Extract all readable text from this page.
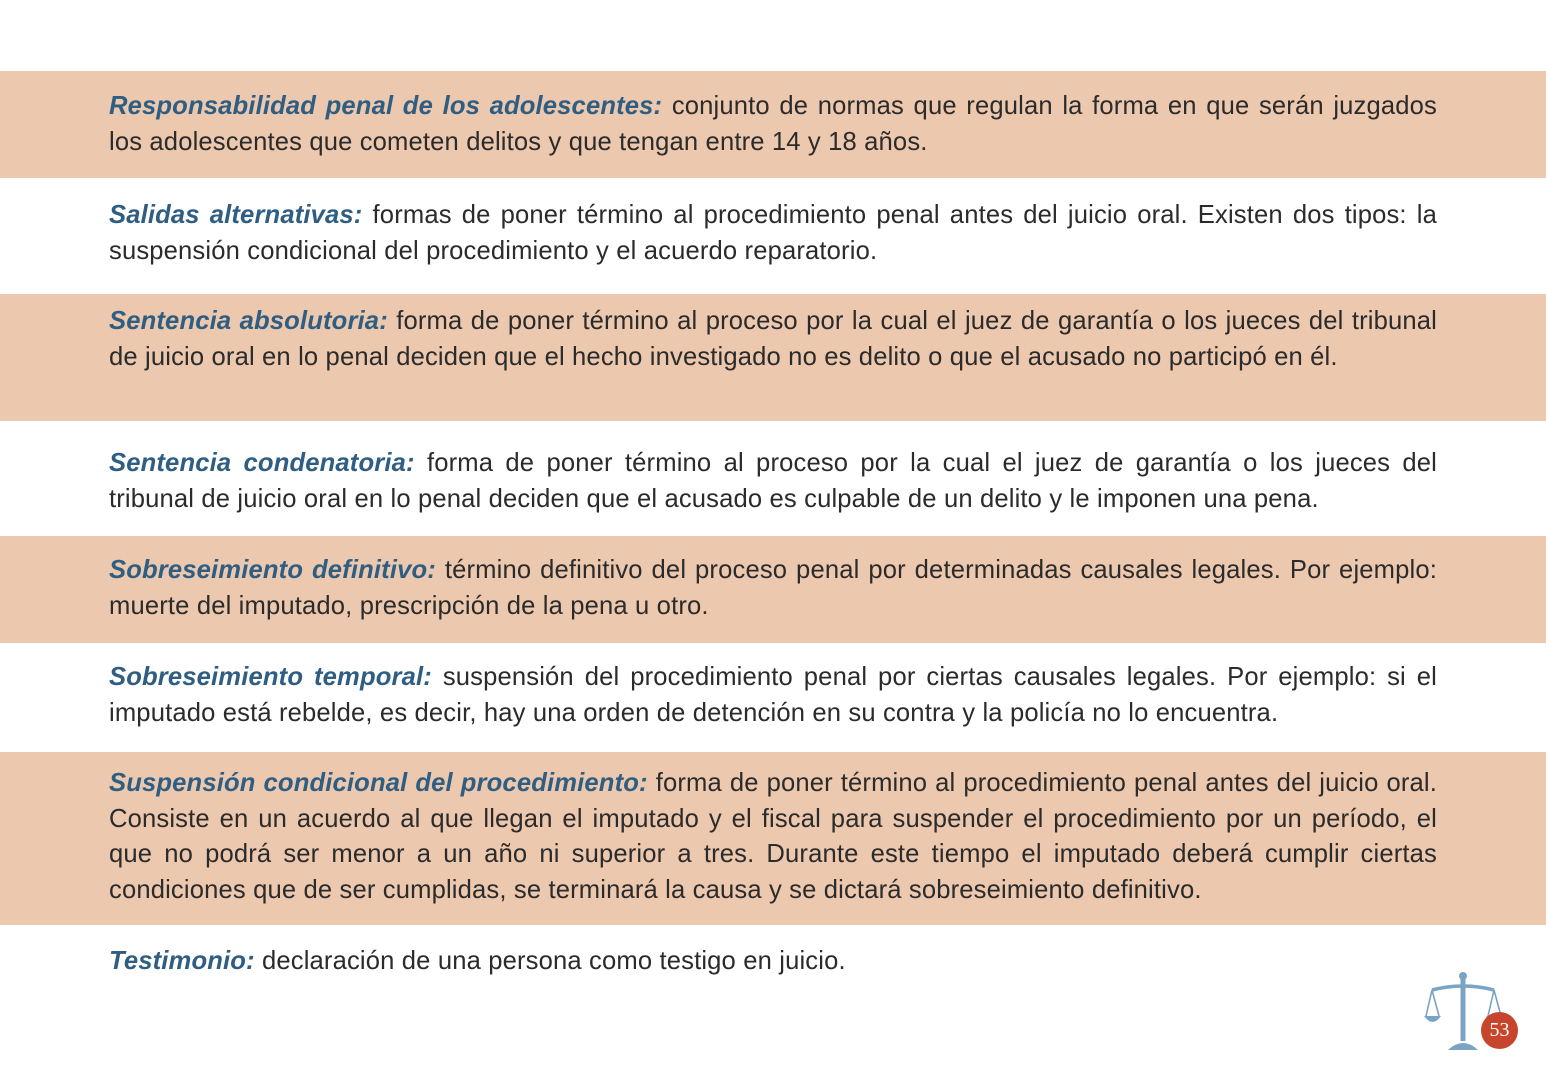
Responsabilidad penal de los adolescentes: conjunto de normas que regulan la forma en que serán juzgados los adolescentes que cometen delitos y que tengan entre 14 y 18 años.

Salidas alternativas: formas de poner término al procedimiento penal antes del juicio oral. Existen dos tipos: la suspensión condicional del procedimiento y el acuerdo reparatorio.

Sentencia absolutoria: forma de poner término al proceso por la cual el juez de garantía o los jueces del tribunal de juicio oral en lo penal deciden que el hecho investigado no es delito o que el acusado no participó en él.

Sentencia condenatoria: forma de poner término al proceso por la cual el juez de garantía o los jueces del tribunal de juicio oral en lo penal deciden que el acusado es culpable de un delito y le imponen una pena.

Sobreseimiento definitivo: término definitivo del proceso penal por determinadas causales legales. Por ejemplo: muerte del imputado, prescripción de la pena u otro.

Sobreseimiento temporal: suspensión del procedimiento penal por ciertas causales legales. Por ejemplo: si el imputado está rebelde, es decir, hay una orden de detención en su contra y la policía no lo encuentra.

Suspensión condicional del procedimiento: forma de poner término al procedimiento penal antes del juicio oral. Consiste en un acuerdo al que llegan el imputado y el fiscal para suspender el procedimiento por un período, el que no podrá ser menor a un año ni superior a tres. Durante este tiempo el imputado deberá cumplir ciertas condiciones que de ser cumplidas, se terminará la causa y se dictará sobreseimiento definitivo.

Testimonio: declaración de una persona como testigo en juicio.

53
